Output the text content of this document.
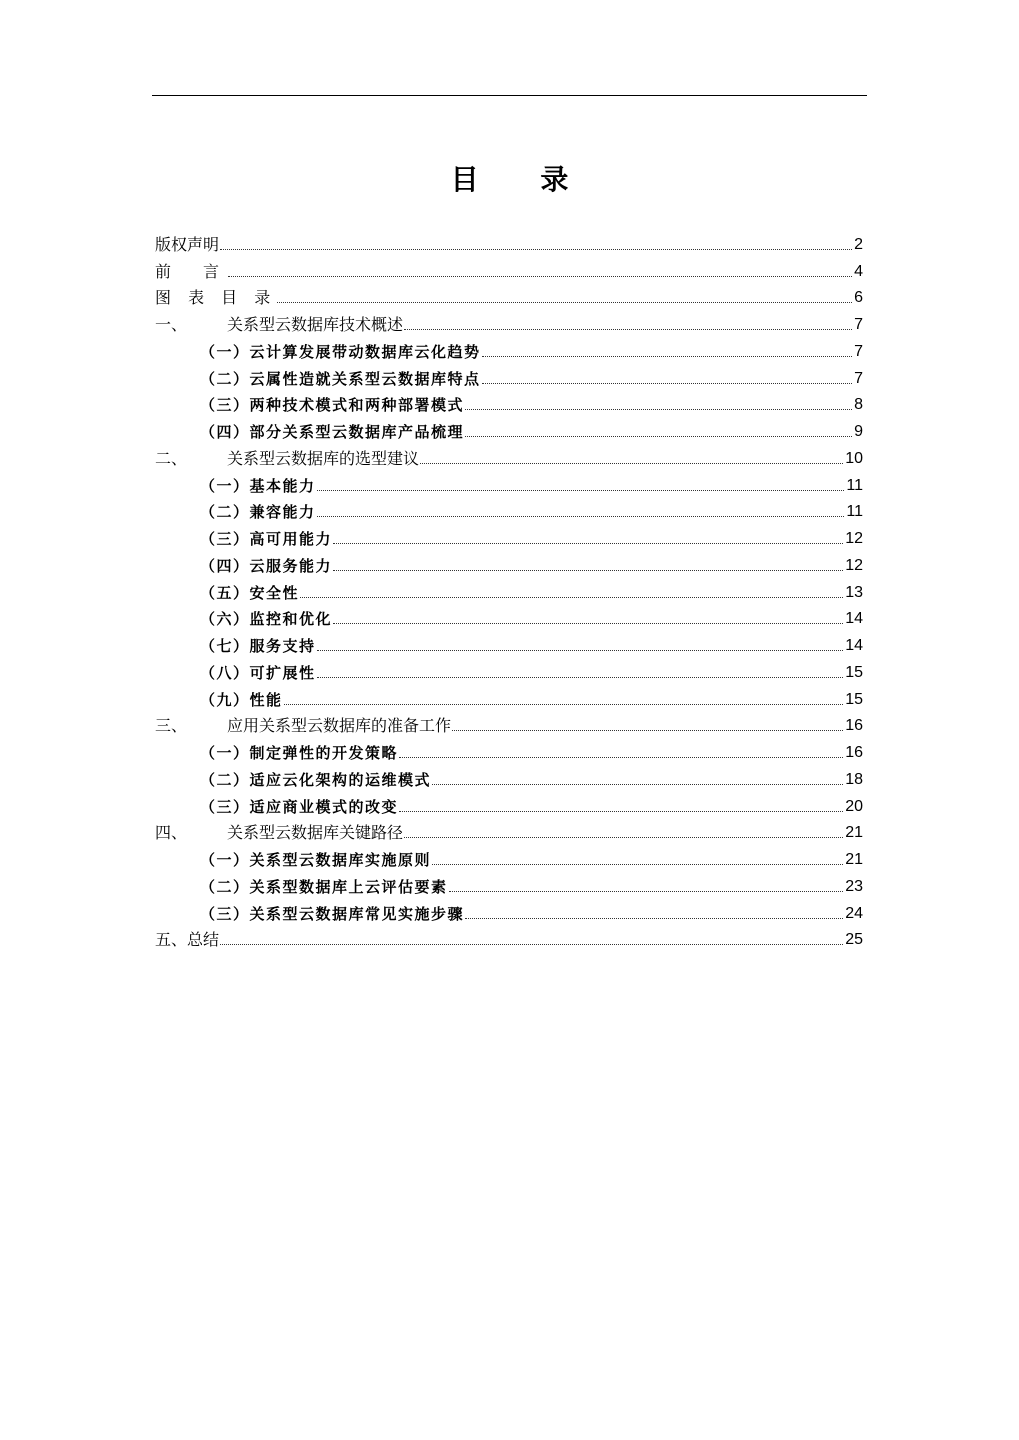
目 录
版权声明	2
前　言	4
图 表 目 录	6
一、 关系型云数据库技术概述	7
（一）云计算发展带动数据库云化趋势	7
（二）云属性造就关系型云数据库特点	7
（三）两种技术模式和两种部署模式	8
（四）部分关系型云数据库产品梳理	9
二、 关系型云数据库的选型建议	10
（一）基本能力	11
（二）兼容能力	11
（三）高可用能力	12
（四）云服务能力	12
（五）安全性	13
（六）监控和优化	14
（七）服务支持	14
（八）可扩展性	15
（九）性能	15
三、 应用关系型云数据库的准备工作	16
（一）制定弹性的开发策略	16
（二）适应云化架构的运维模式	18
（三）适应商业模式的改变	20
四、 关系型云数据库关键路径	21
（一）关系型云数据库实施原则	21
（二）关系型数据库上云评估要素	23
（三）关系型云数据库常见实施步骤	24
五、总结	25
